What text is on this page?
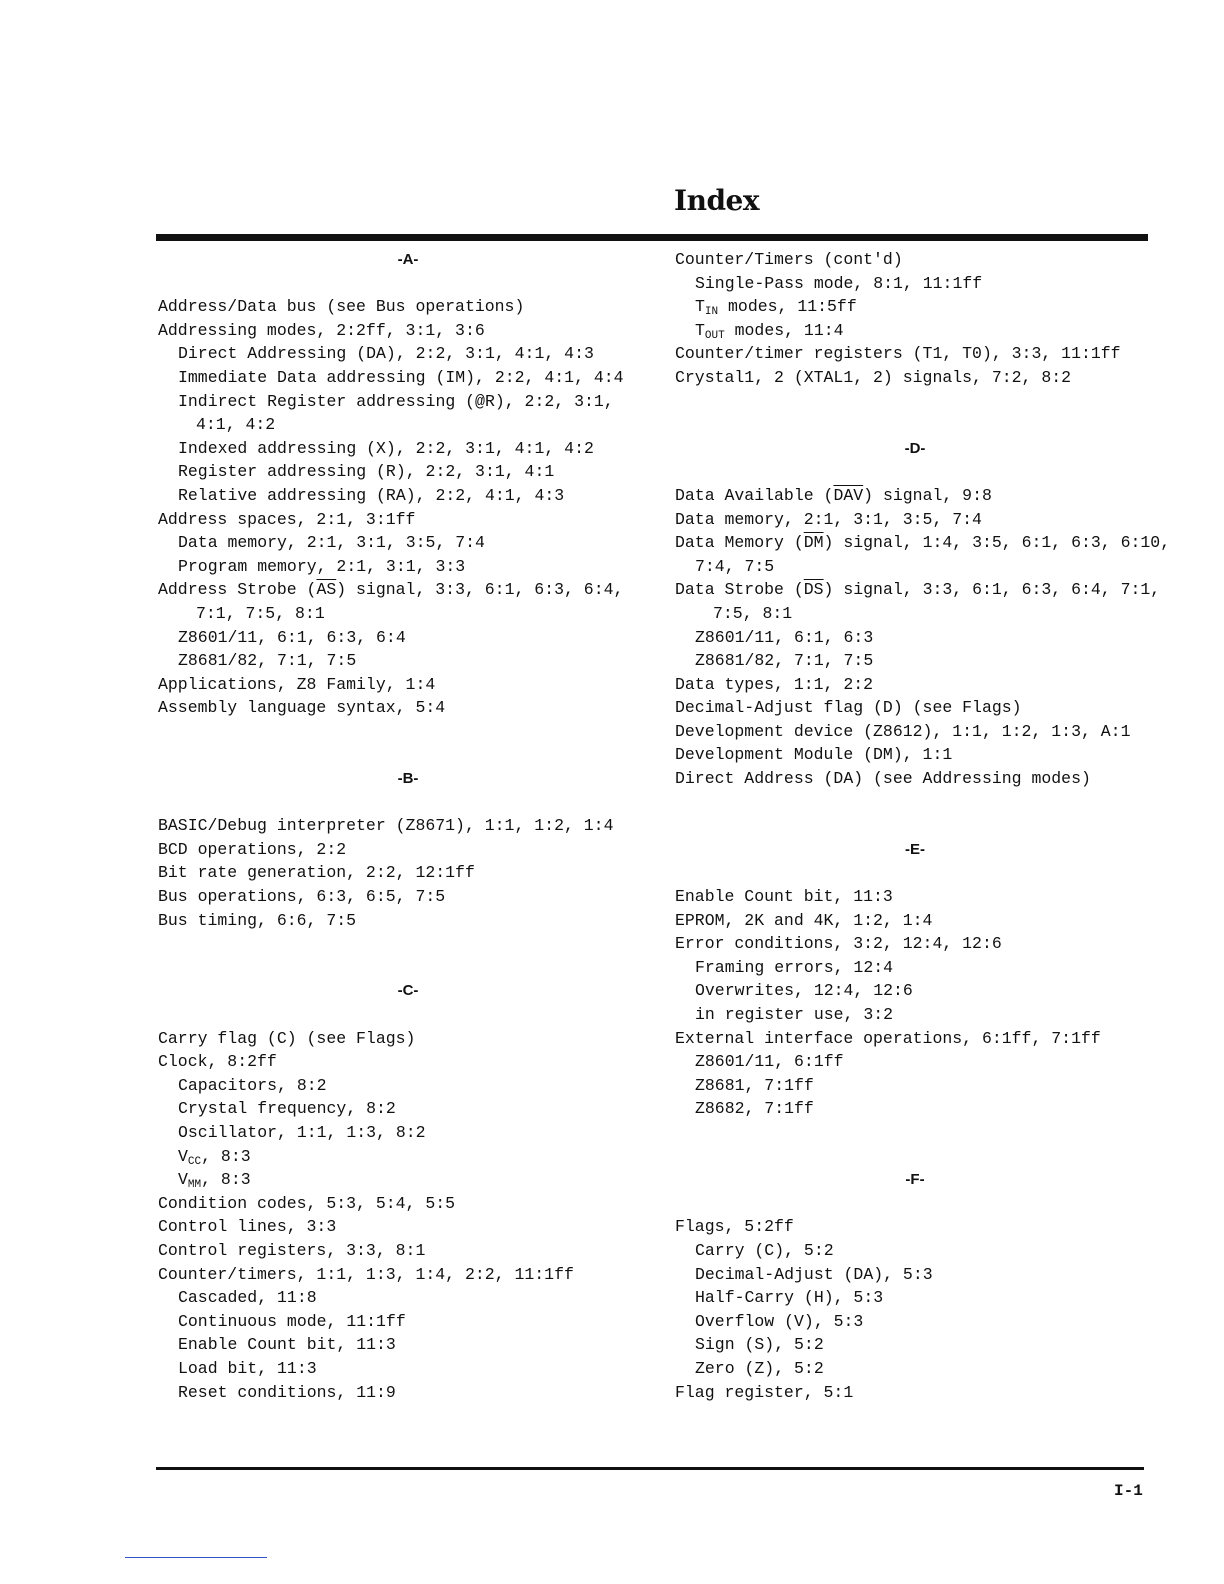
Index
-A-
Address/Data bus (see Bus operations)
Addressing modes, 2:2ff, 3:1, 3:6
Direct Addressing (DA), 2:2, 3:1, 4:1, 4:3
Immediate Data addressing (IM), 2:2, 4:1, 4:4
Indirect Register addressing (@R), 2:2, 3:1,
4:1, 4:2
Indexed addressing (X), 2:2, 3:1, 4:1, 4:2
Register addressing (R), 2:2, 3:1, 4:1
Relative addressing (RA), 2:2, 4:1, 4:3
Address spaces, 2:1, 3:1ff
Data memory, 2:1, 3:1, 3:5, 7:4
Program memory, 2:1, 3:1, 3:3
Address Strobe $(\overline{AS})$ signal, 3:3, 6:1, 6:3, 6:4,
7:1, 7:5, 8:1
Z8601/11, 6:1, 6:3, 6:4
Z8681/82, 7:1, 7:5
Applications, Z8 Family, 1:4
Assembly language syntax, 5:4
-B-
BASIC/Debug interpreter (Z8671), 1:1, 1:2, 1:4
BCD operations, 2:2
Bit rate generation, 2:2, 12:1ff
Bus operations, 6:3, 6:5, 7:5
Bus timing, 6:6, 7:5
-C-
Carry flag (C) (see Flags)
Clock, 8:2ff
Capacitors, 8:2
Crystal frequency, 8:2
Oscillator, 1:1, 1:3, 8:2
$V_{CC}$, 8:3
$V_{MM}$, 8:3
Condition codes, 5:3, 5:4, 5:5
Control lines, 3:3
Control registers, 3:3, 8:1
Counter/timers, 1:1, 1:3, 1:4, 2:2, 11:1ff
Cascaded, 11:8
Continuous mode, 11:1ff
Enable Count bit, 11:3
Load bit, 11:3
Reset conditions, 11:9
Counter/Timers (cont'd)
Single-Pass mode, 8:1, 11:1ff
$T_{IN}$ modes, 11:5ff
$T_{OUT}$ modes, 11:4
Counter/timer registers (T1, T0), 3:3, 11:1ff
Crystal1, 2 (XTAL1, 2) signals, 7:2, 8:2
-D-
Data Available $(\overline{DAV})$ signal, 9:8
Data memory, 2:1, 3:1, 3:5, 7:4
Data Memory $(\overline{DM})$ signal, 1:4, 3:5, 6:1, 6:3, 6:10,
7:4, 7:5
Data Strobe $(\overline{DS})$ signal, 3:3, 6:1, 6:3, 6:4, 7:1,
7:5, 8:1
Z8601/11, 6:1, 6:3
Z8681/82, 7:1, 7:5
Data types, 1:1, 2:2
Decimal-Adjust flag (D) (see Flags)
Development device (Z8612), 1:1, 1:2, 1:3, A:1
Development Module (DM), 1:1
Direct Address (DA) (see Addressing modes)
-E-
Enable Count bit, 11:3
EPROM, 2K and 4K, 1:2, 1:4
Error conditions, 3:2, 12:4, 12:6
Framing errors, 12:4
Overwrites, 12:4, 12:6
in register use, 3:2
External interface operations, 6:1ff, 7:1ff
Z8601/11, 6:1ff
Z8681, 7:1ff
Z8682, 7:1ff
-F-
Flags, 5:2ff
Carry (C), 5:2
Decimal-Adjust (DA), 5:3
Half-Carry (H), 5:3
Overflow (V), 5:3
Sign (S), 5:2
Zero (Z), 5:2
Flag register, 5:1
I-1
